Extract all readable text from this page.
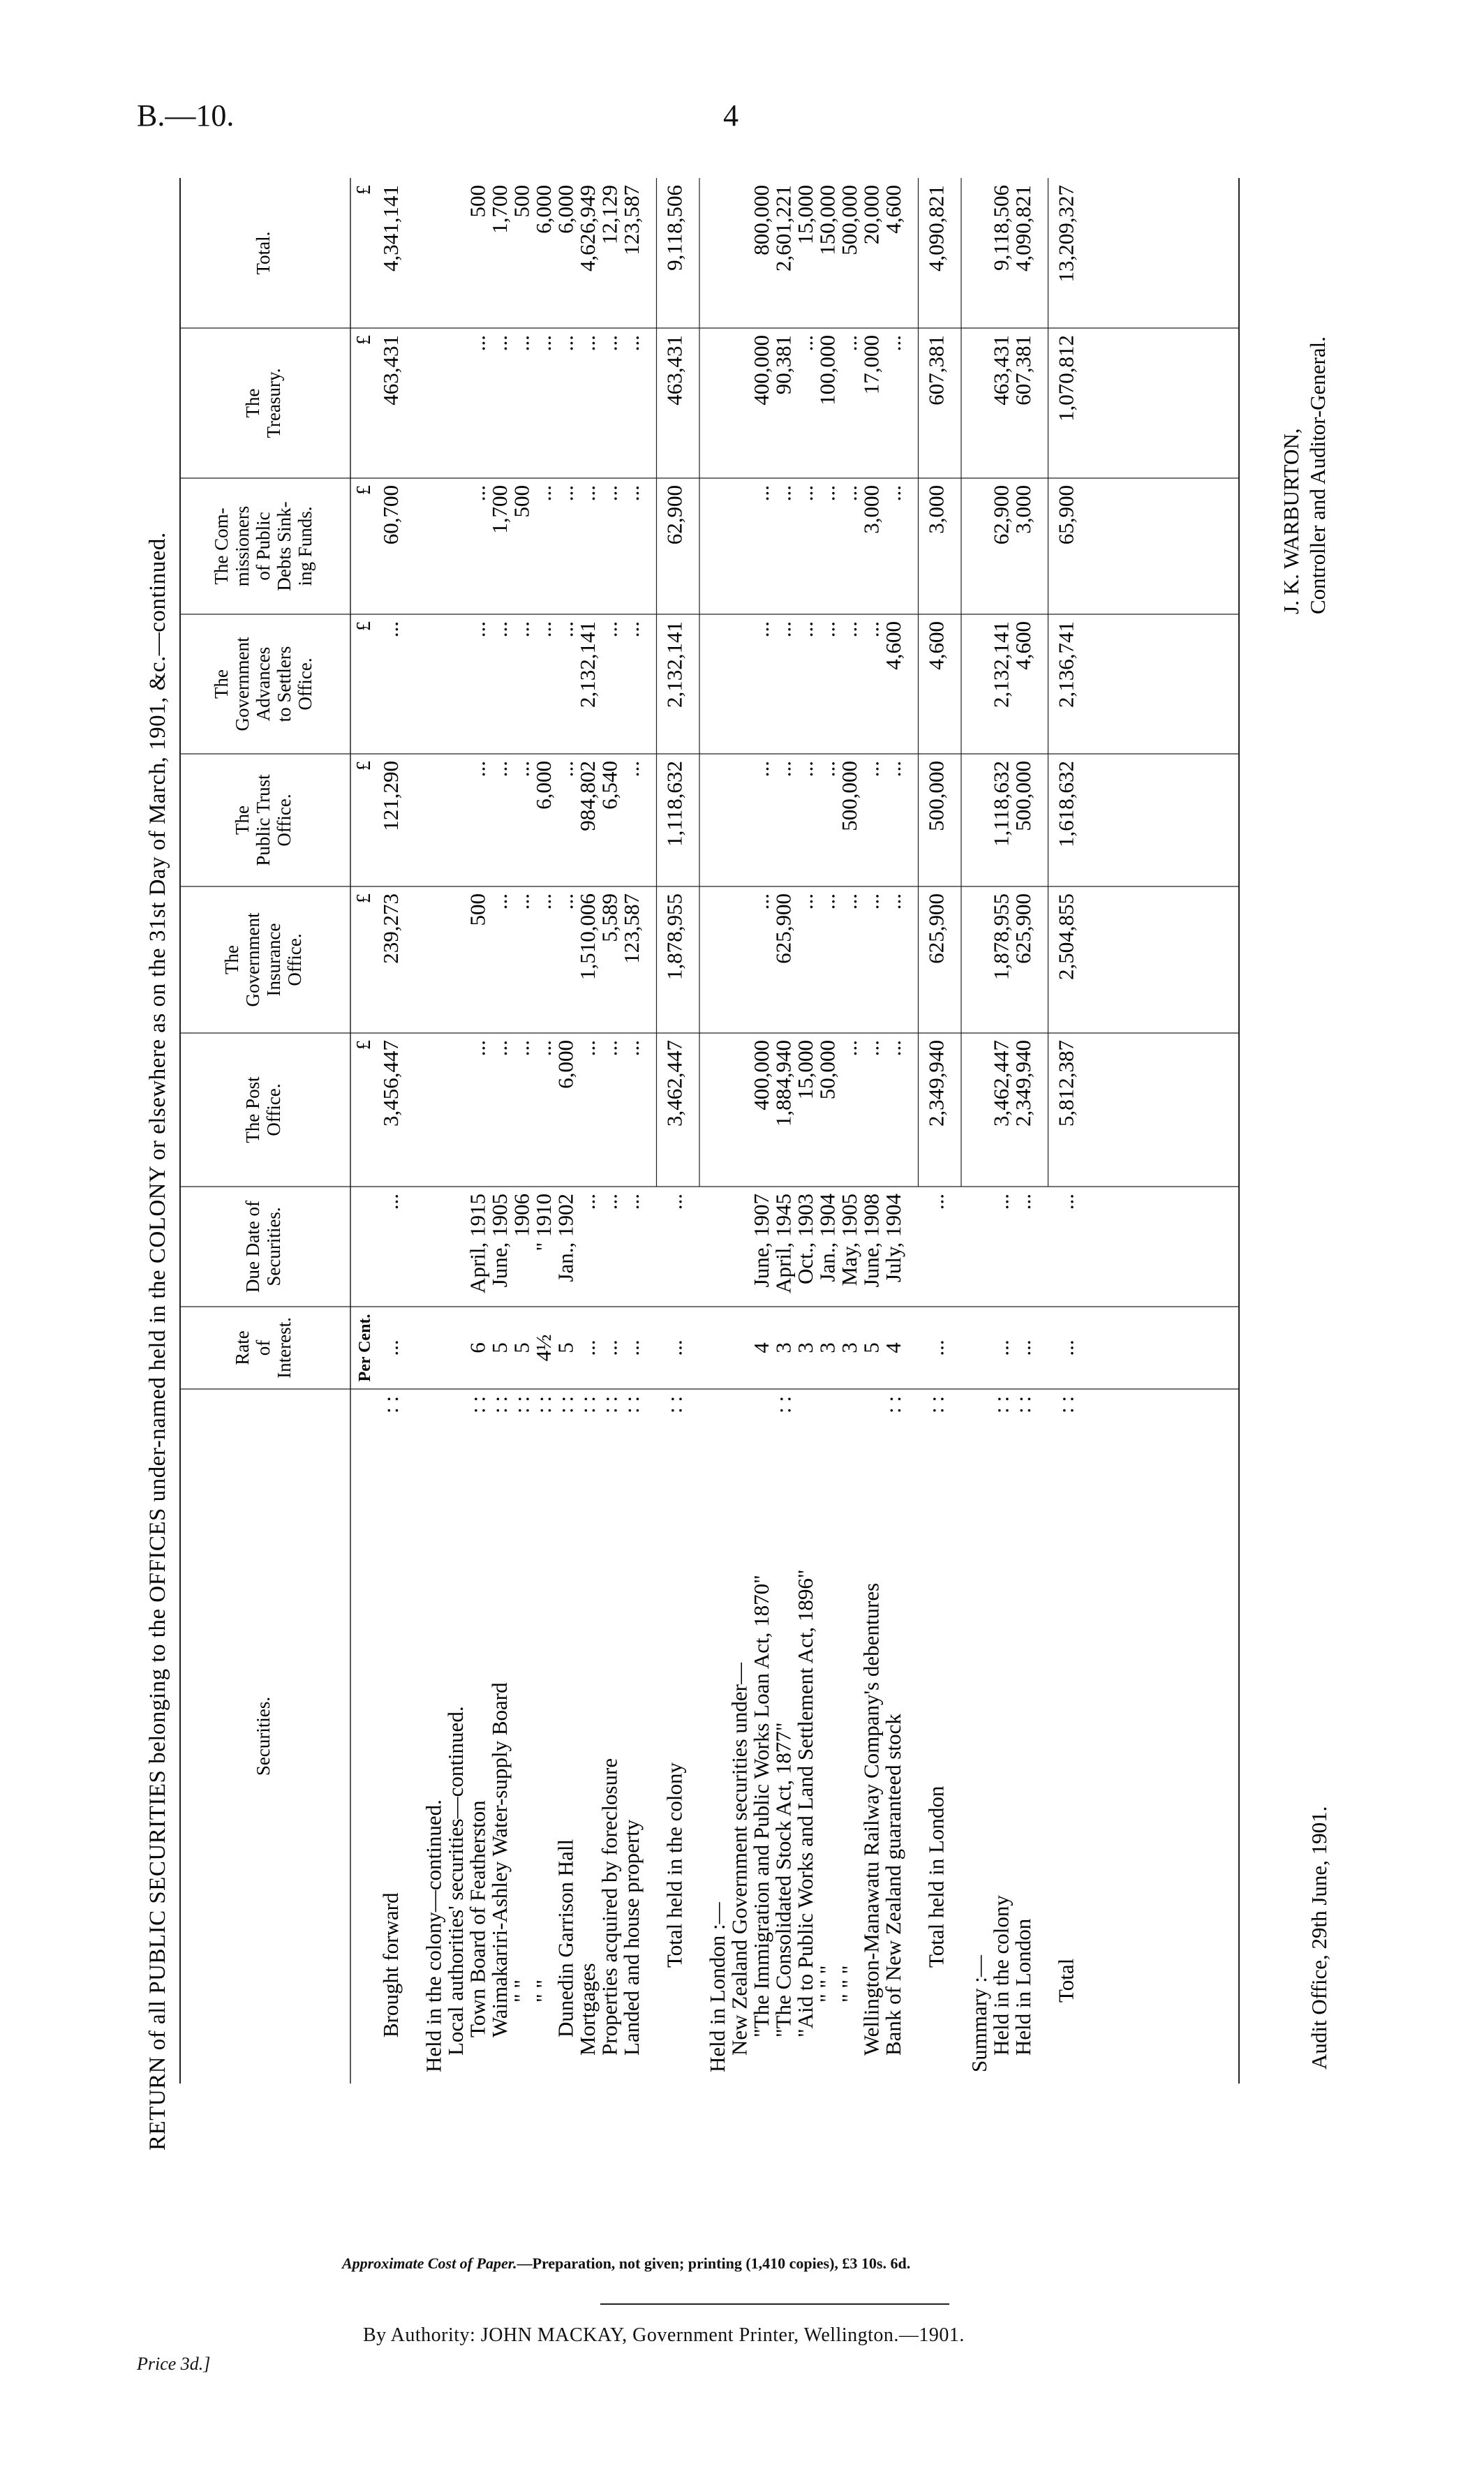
B.—10.	4
RETURN of all PUBLIC SECURITIES belonging to the OFFICES under-named held in the COLONY or elsewhere as on the 31st Day of March, 1901, &c.—continued.	Securities.
Rate of Interest.
Due Date of Securities.
The Post Office.
The Government Insurance Office.
The Public Trust Office.
The Government Advances to Settlers Office.
The Com- missioners of Public Debts Sink- ing Funds.
The Treasury.
Total.
Per Cent.
£
£
£
£
£
£
£
Brought forward
: :
...
...
3,456,447
239,273
121,290
...
60,700
463,431
4,341,141
Held in the colony—continued.
Local authorities' securities—continued.
Town Board of Featherston
: :
6
April, 1915
...
500
...
...
...
...
500
Waimakariri-Ashley Water-supply Board
: :
5
June, 1905
...
...
...
...
1,700
...
1,700
" "
: :
5
1906
...
...
...
...
500
...
500
" "
: :
4½
" 1910
...
...
6,000
...
...
...
6,000
Dunedin Garrison Hall
: :
5
Jan., 1902
6,000
...
...
...
...
...
6,000
Mortgages
: :
...
...
...
1,510,006
984,802
2,132,141
...
...
4,626,949
Properties acquired by foreclosure
: :
...
...
...
5,589
6,540
...
...
...
12,129
Landed and house property
: :
...
...
...
123,587
...
...
...
...
123,587
Total held in the colony
: :
...
...
3,462,447
1,878,955
1,118,632
2,132,141
62,900
463,431
9,118,506
Held in London :—
New Zealand Government securities under—
"The Immigration and Public Works Loan Act, 1870"
4
June, 1907
400,000
...
...
...
...
400,000
800,000
"The Consolidated Stock Act, 1877"
: :
3
April, 1945
1,884,940
625,900
...
...
...
90,381
2,601,221
"Aid to Public Works and Land Settlement Act, 1896"
3
Oct., 1903
15,000
...
...
...
...
...
15,000
" " "
3
Jan., 1904
50,000
...
...
...
...
100,000
150,000
" " "
3
May, 1905
...
...
500,000
...
...
...
500,000
Wellington-Manawatu Railway Company's debentures
5
June, 1908
...
...
...
...
3,000
17,000
20,000
Bank of New Zealand guaranteed stock
: :
4
July, 1904
...
...
...
4,600
...
...
4,600
Total held in London
: :
...
...
2,349,940
625,900
500,000
4,600
3,000
607,381
4,090,821
Summary :—
Held in the colony
: :
...
...
3,462,447
1,878,955
1,118,632
2,132,141
62,900
463,431
9,118,506
Held in London
: :
...
...
2,349,940
625,900
500,000
4,600
3,000
607,381
4,090,821
Total
: :
...
...
5,812,387
2,504,855
1,618,632
2,136,741
65,900
1,070,812
13,209,327
Audit Office, 29th June, 1901.
J. K. WARBURTON, Controller and Auditor-General.
Approximate Cost of Paper.—Preparation, not given; printing (1,410 copies), £3 10s. 6d.
By Authority: JOHN MACKAY, Government Printer, Wellington.—1901.
Price 3d.]
